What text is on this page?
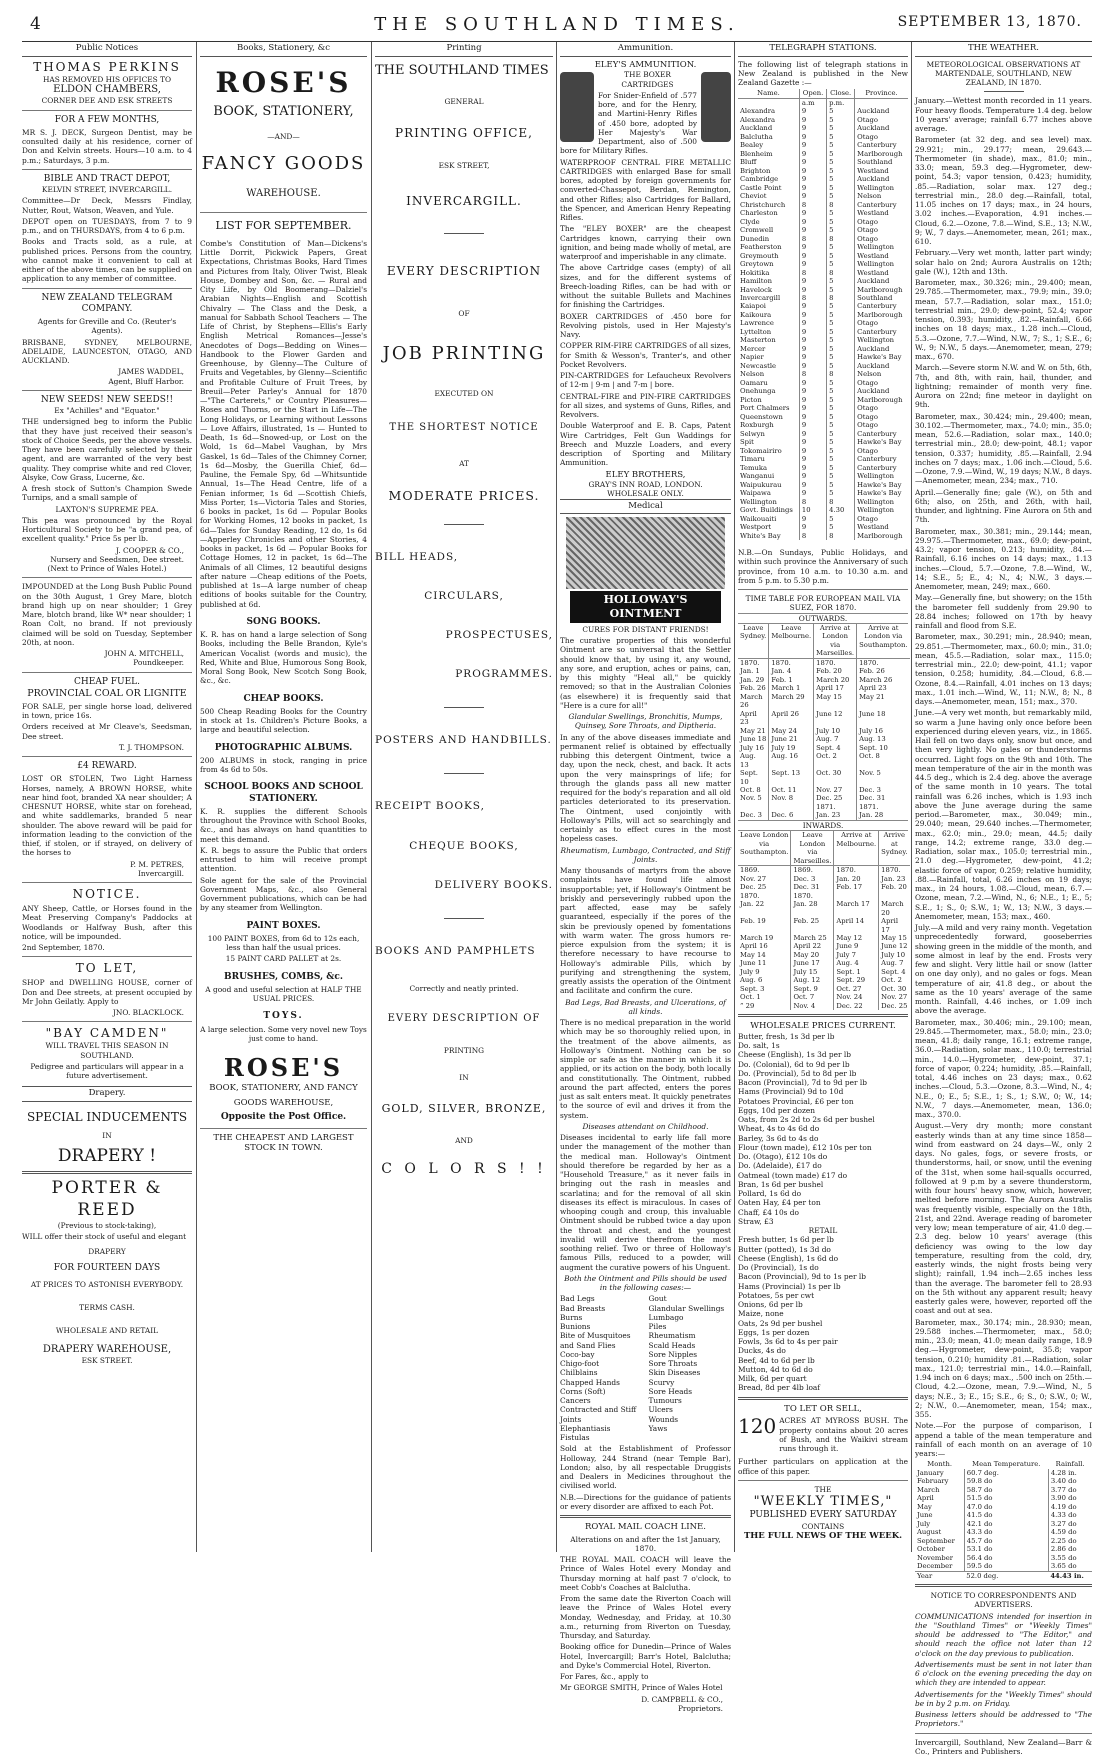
4	THE SOUTHLAND TIMES.	SEPTEMBER 13, 1870.
Public Notices
THOMAS PERKINS
HAS REMOVED HIS OFFICES TO
ELDON CHAMBERS,
CORNER DEE AND ESK STREETS
FOR A FEW MONTHS,

MR S. J. DECK, Surgeon Dentist, may be consulted daily at his residence, corner of Don and Kelvin streets. Hours—10 a.m. to 4 p.m.; Saturdays, 3 p.m.

BIBLE AND TRACT DEPOT,
KELVIN STREET, INVERCARGILL.

Committee—Dr Deck, Messrs Findlay, Nutter, Rout, Watson, Weaven, and Yule.

DEPOT open on TUESDAYS, from 7 to 9 p.m., and on THURSDAYS, from 4 to 6 p.m.

Books and Tracts sold, as a rule, at published prices. Persons from the country, who cannot make it convenient to call at either of the above times, can be supplied on application to any member of committee.

NEW ZEALAND TELEGRAM COMPANY.

Agents for Greville and Co. (Reuter's Agents).

BRISBANE, SYDNEY, MELBOURNE, ADELAIDE, LAUNCESTON, OTAGO, AND AUCKLAND.

JAMES WADDEL,
Agent, Bluff Harbor.
NEW SEEDS! NEW SEEDS!!
Ex "Achilles" and "Equator."

THE undersigned beg to inform the Public that they have just received their season's stock of Choice Seeds, per the above vessels. They have been carefully selected by their agent, and are warranted of the very best quality. They comprise white and red Clover, Alsyke, Cow Grass, Lucerne, &c.

A fresh stock of Sutton's Champion Swede Turnips, and a small sample of

LAXTON'S SUPREME PEA.

This pea was pronounced by the Royal Horticultural Society to be "a grand pea, of excellent quality." Price 5s per lb.

J. COOPER & CO.,
Nursery and Seedsmen, Dee street.
(Next to Prince of Wales Hotel.)

IMPOUNDED at the Long Bush Public Pound on the 30th August, 1 Grey Mare, blotch brand high up on near shoulder; 1 Grey Mare, blotch brand, like W* near shoulder; 1 Roan Colt, no brand. If not previously claimed will be sold on Tuesday, September 20th, at noon.

JOHN A. MITCHELL,
Poundkeeper.
CHEAP FUEL.
PROVINCIAL COAL OR LIGNITE

FOR SALE, per single horse load, delivered in town, price 16s.

Orders received at Mr Cleave's, Seedsman, Dee street.

T. J. THOMPSON.
£4 REWARD.

LOST OR STOLEN, Two Light Harness Horses, namely, A BROWN HORSE, white near hind foot, branded XA near shoulder; A CHESNUT HORSE, white star on forehead, and white saddlemarks, branded 5 near shoulder. The above reward will be paid for information leading to the conviction of the thief, if stolen, or if strayed, on delivery of the horses to

P. M. PETRES,
Invercargill.
NOTICE.

ANY Sheep, Cattle, or Horses found in the Meat Preserving Company's Paddocks at Woodlands or Halfway Bush, after this notice, will be impounded.

2nd September, 1870.

TO LET,

SHOP and DWELLING HOUSE, corner of Don and Dee streets, at present occupied by Mr John Geilatly. Apply to

JNO. BLACKLOCK.
"BAY CAMDEN"
WILL TRAVEL THIS SEASON IN
SOUTHLAND.

Pedigree and particulars will appear in a future advertisement.

Drapery.
SPECIAL INDUCEMENTS
IN
DRAPERY !
PORTER & REED
(Previous to stock-taking),

WILL offer their stock of useful and elegant

DRAPERY
FOR FOURTEEN DAYS
AT PRICES TO ASTONISH EVERYBODY.
TERMS CASH.
WHOLESALE AND RETAIL
DRAPERY WAREHOUSE,
ESK STREET.
Books, Stationery, &c
ROSE'S
BOOK, STATIONERY,
—AND—
FANCY GOODS
WAREHOUSE.
LIST FOR SEPTEMBER.

Combe's Constitution of Man—Dickens's Little Dorrit, Pickwick Papers, Great Expectations, Christmas Books, Hard Times and Pictures from Italy, Oliver Twist, Bleak House, Dombey and Son, &c. — Rural and City Life, by Old Boomerang—Dalziel's Arabian Nights—English and Scottish Chivalry — The Class and the Desk, a manual for Sabbath School Teachers — The Life of Christ, by Stephens—Ellis's Early English Metrical Romances—Jesse's Anecdotes of Dogs—Bedding on Wines—Handbook to the Flower Garden and Greenhouse, by Glenny—The Culture of Fruits and Vegetables, by Glenny—Scientific and Profitable Culture of Fruit Trees, by Breuil—Peter Parley's Annual for 1870—"The Carterets," or Country Pleasures—Roses and Thorns, or the Start in Life—The Long Holidays, or Learning without Lessons — Love Affairs, illustrated, 1s — Hunted to Death, 1s 6d—Snowed-up, or Lost on the Wold, 1s 6d—Mabel Vaughan, by Mrs Gaskel, 1s 6d—Tales of the Chimney Corner, 1s 6d—Mosby, the Guerilla Chief, 6d—Pauline, the Female Spy, 6d —Whitsuntide Annual, 1s—The Head Centre, life of a Fenian informer, 1s 6d —Scottish Chiefs, Miss Porter, 1s—Victoria Tales and Stories, 6 books in packet, 1s 6d — Popular Books for Working Homes, 12 books in packet, 1s 6d—Tales for Sunday Reading, 12 do, 1s 6d—Apperley Chronicles and other Stories, 4 books in packet, 1s 6d — Popular Books for Cottage Homes, 12 in packet, 1s 6d—The Animals of all Climes, 12 beautiful designs after nature —Cheap editions of the Poets, published at 1s—A large number of cheap editions of books suitable for the Country, published at 6d.

SONG BOOKS.

K. R. has on hand a large selection of Song Books, including the Belle Brandon, Kyle's American Vocalist (words and music), the Red, White and Blue, Humorous Song Book, Moral Song Book, New Scotch Song Book, &c., &c.

CHEAP BOOKS.

500 Cheap Reading Books for the Country in stock at 1s. Children's Picture Books, a large and beautiful selection.

PHOTOGRAPHIC ALBUMS.

200 ALBUMS in stock, ranging in price from 4s 6d to 50s.

SCHOOL BOOKS AND SCHOOL STATIONERY.

K. R. supplies the different Schools throughout the Province with School Books, &c., and has always on hand quantities to meet this demand.

K. R. begs to assure the Public that orders entrusted to him will receive prompt attention.

Sole agent for the sale of the Provincial Government Maps, &c., also General Government publications, which can be had by any steamer from Wellington.

PAINT BOXES.

100 PAINT BOXES, from 6d to 12s each, less than half the usual prices.

15 PAINT CARD PALLET at 2s.

BRUSHES, COMBS, &c.

A good and useful selection at HALF THE USUAL PRICES.

TOYS.

A large selection. Some very novel new Toys just come to hand.

ROSE'S
BOOK, STATIONERY, AND FANCY
GOODS WAREHOUSE,
Opposite the Post Office.
THE CHEAPEST AND LARGEST STOCK IN TOWN.
Printing
THE SOUTHLAND TIMES
GENERAL
PRINTING OFFICE,
ESK STREET,
INVERCARGILL.
EVERY DESCRIPTION
OF
JOB PRINTING
EXECUTED ON
THE SHORTEST NOTICE
AT
MODERATE PRICES.
BILL HEADS,
CIRCULARS,
PROSPECTUSES,
PROGRAMMES.
POSTERS AND HANDBILLS.
RECEIPT BOOKS,
CHEQUE BOOKS,
DELIVERY BOOKS.
BOOKS AND PAMPHLETS
Correctly and neatly printed.
EVERY DESCRIPTION OF
PRINTING
IN
GOLD, SILVER, BRONZE,
AND
C O L O R S ! !
Ammunition.
ELEY'S AMMUNITION.
THE BOXER CARTRIDGES

For Snider-Enfield of .577 bore, and for the Henry, and Martini-Henry Rifles of .450 bore, adopted by Her Majesty's War Department, also of .500 bore for Military Rifles.

WATERPROOF CENTRAL FIRE METALLIC CARTRIDGES with enlarged Base for small bores, adopted by foreign governments for converted-Chassepot, Berdan, Remington, and other Rifles; also Cartridges for Ballard, the Spencer, and American Henry Repeating Rifles.

The "ELEY BOXER" are the cheapest Cartridges known, carrying their own ignition, and being made wholly of metal, are waterproof and imperishable in any climate.

The above Cartridge cases (empty) of all sizes, and for the different systems of Breech-loading Rifles, can be had with or without the suitable Bullets and Machines for finishing the Cartridges.

BOXER CARTRIDGES of .450 bore for Revolving pistols, used in Her Majesty's Navy.

COPPER RIM-FIRE CARTRIDGES of all sizes, for Smith & Wesson's, Tranter's, and other Pocket Revolvers.

PIN-CARTRIDGES for Lefaucheux Revolvers of 12-m | 9-m | and 7-m | bore.

CENTRAL-FIRE and PIN-FIRE CARTRIDGES for all sizes, and systems of Guns, Rifles, and Revolvers.

Double Waterproof and E. B. Caps, Patent Wire Cartridges, Felt Gun Waddings for Breech and Muzzle Loaders, and every description of Sporting and Military Ammunition.

ELEY BROTHERS,
GRAY'S INN ROAD, LONDON.
WHOLESALE ONLY.
Medical
HOLLOWAY'S OINTMENT
CURES FOR DISTANT FRIENDS!

The curative properties of this wonderful Ointment are so universal that the Settler should know that, by using it, any wound, any sore, and eruption, aches or pains, can, by this mighty "Heal all," be quickly removed; so that in the Australian Colonies (as elsewhere) it is frequently said that "Here is a cure for all!"

Glandular Swellings, Bronchitis, Mumps, Quinsey, Sore Throats, and Diptheria.

In any of the above diseases immediate and permanent relief is obtained by effectually rubbing this detergent Ointment, twice a day, upon the neck, chest, and back. It acts upon the very mainsprings of life; for through the glands pass all new matter required for the body's reparation and all old particles deteriorated to its preservation. The Ointment, used conjointly with Holloway's Pills, will act so searchingly and certainly as to effect cures in the most hopeless cases.

Rheumatism, Lumbago, Contracted, and Stiff Joints.

Many thousands of martyrs from the above complaints have found life almost insupportable; yet, if Holloway's Ointment be briskly and perseveringly rubbed upon the part affected, ease may be safely guaranteed, especially if the pores of the skin be previously opened by fomentations with warm water. The gross humors re-pierce expulsion from the system; it is therefore necessary to have recourse to Holloway's admirable Pills, which by purifying and strengthening the system, greatly assists the operation of the Ointment and facilitate and confirm the cure.

Bad Legs, Bad Breasts, and Ulcerations, of all kinds.

There is no medical preparation in the world which may be so thoroughly relied upon, in the treatment of the above ailments, as Holloway's Ointment. Nothing can be so simple or safe as the manner in which it is applied, or its action on the body, both locally and constitutionally. The Ointment, rubbed around the part affected, enters the pores just as salt enters meat. It quickly penetrates to the source of evil and drives it from the system.

Diseases attendant on Childhood.

Diseases incidental to early life fall more under the management of the mother than the medical man. Holloway's Ointment should therefore be regarded by her as a "Household Treasure," as it never fails in bringing out the rash in measles and scarlatina; and for the removal of all skin diseases its effect is miraculous. In cases of whooping cough and croup, this invaluable Ointment should be rubbed twice a day upon the throat and chest, and the youngest invalid will derive therefrom the most soothing relief. Two or three of Holloway's famous Pills, reduced to a powder, will augment the curative powers of his Unguent.

Both the Ointment and Pills should be used in the following cases:—

Bad Legs
Bad Breasts
Burns
Bunions
Bite of Musquitoes and Sand Flies
Coco-bay
Chigo-foot
Chilblains
Chapped Hands
Corns (Soft)
Cancers
Contracted and Stiff Joints
Elephantiasis
Fistulas
Gout
Glandular Swellings
Lumbago
Piles
Rheumatism
Scald Heads
Sore Nipples
Sore Throats
Skin Diseases
Scurvy
Sore Heads
Tumours
Ulcers
Wounds
Yaws

Sold at the Establishment of Professor Holloway, 244 Strand (near Temple Bar), London; also, by all respectable Druggists and Dealers in Medicines throughout the civilised world.

N.B.—Directions for the guidance of patients or every disorder are affixed to each Pot.

ROYAL MAIL COACH LINE.

Alterations on and after the 1st January, 1870.

THE ROYAL MAIL COACH will leave the Prince of Wales Hotel every Monday and Thursday morning at half past 7 o'clock, to meet Cobb's Coaches at Balclutha.

From the same date the Riverton Coach will leave the Prince of Wales Hotel every Monday, Wednesday, and Friday, at 10.30 a.m., returning from Riverton on Tuesday, Thursday, and Saturday.

Booking office for Dunedin—Prince of Wales Hotel, Invercargill; Barr's Hotel, Balclutha; and Dyke's Commercial Hotel, Riverton.

For Fares, &c., apply to

Mr GEORGE SMITH, Prince of Wales Hotel

D. CAMPBELL & CO.,
Proprietors.
TELEGRAPH STATIONS.

The following list of telegraph stations in New Zealand is published in the New Zealand Gazette :—

Name.	Open.	Close.	Province.
	a.m	p.m.	
Alexandra	9	5	Auckland
Alexandra	9	5	Otago
Auckland	9	5	Auckland
Balclutha	9	5	Otago
Bealey	9	5	Canterbury
Blenheim	9	5	Marlborough
Bluff	9	5	Southland
Brighton	9	5	Westland
Cambridge	9	5	Auckland
Castle Point	9	5	Wellington
Cheviot	9	5	Nelson
Christchurch	8	8	Canterbury
Charleston	9	5	Westland
Clyde	9	5	Otago
Cromwell	9	5	Otago
Dunedin	8	8	Otago
Featherston	9	5	Wellington
Greymouth	9	5	Westland
Greytown	9	5	Wellington
Hokitika	8	8	Westland
Hamilton	9	5	Auckland
Havelock	9	5	Marlborough
Invercargill	8	8	Southland
Kaiapoi	9	5	Canterbury
Kaikoura	9	5	Marlborough
Lawrence	9	5	Otago
Lyttelton	9	5	Canterbury
Masterton	9	5	Wellington
Mercer	9	5	Auckland
Napier	9	5	Hawke's Bay
Newcastle	9	5	Auckland
Nelson	8	8	Nelson
Oamaru	9	5	Otago
Onehunga	9	5	Auckland
Picton	9	5	Marlborough
Port Chalmers	9	5	Otago
Queenstown	9	5	Otago
Roxburgh	9	5	Otago
Selwyn	9	5	Canterbury
Spit	9	5	Hawke's Bay
Tokomairiro	9	5	Otago
Timaru	9	5	Canterbury
Temuka	9	5	Canterbury
Wanganui	9	5	Wellington
Waipukurau	9	5	Hawke's Bay
Waipawa	9	5	Hawke's Bay
Wellington	8	8	Wellington
Govt. Buildings	10	4.30	Wellington
Waikouaiti	9	5	Otago
Westport	9	5	Westland
White's Bay	8	8	Marlborough

N.B.—On Sundays, Public Holidays, and within such province the Anniversary of such province, from 10 a.m. to 10.30 a.m. and from 5 p.m. to 5.30 p.m.

TIME TABLE FOR EUROPEAN MAIL VIA SUEZ, FOR 1870.
OUTWARDS.
Leave Sydney.	Leave Melbourne.	Arrive at London via Marseilles.	Arrive at London via Southampton.
1870.	1870.	1870.	1870.
Jan. 1	Jan. 4	Feb. 20	Feb. 26
Jan. 29	Feb. 1	March 20	March 26
Feb. 26	March 1	April 17	April 23
March 26	March 29	May 15	May 21
April 23	April 26	June 12	June 18
May 21	May 24	July 10	July 16
June 18	June 21	Aug. 7	Aug. 13
July 16	July 19	Sept. 4	Sept. 10
Aug. 13	Aug. 16	Oct. 2	Oct. 8
Sept. 10	Sept. 13	Oct. 30	Nov. 5
Oct. 8	Oct. 11	Nov. 27	Dec. 3
Nov. 5	Nov. 8	Dec. 25	Dec. 31
		1871.	1871.
Dec. 3	Dec. 6	Jan. 23	Jan. 28
INWARDS.
Leave London via Southampton.	Leave London via Marseilles.	Arrive at Melbourne.	Arrive at Sydney.
1869.	1869.	1870.	1870.
Nov. 27	Dec. 3	Jan. 20	Jan. 23
Dec. 25	Dec. 31	Feb. 17	Feb. 20
1870.	1870.		
Jan. 22	Jan. 28	March 17	March 20
Feb. 19	Feb. 25	April 14	April 17
March 19	March 25	May 12	May 15
April 16	April 22	June 9	June 12
May 14	May 20	July 7	July 10
June 11	June 17	Aug. 4	Aug. 7
July 9	July 15	Sept. 1	Sept. 4
Aug. 6	Aug. 12	Sept. 29	Oct. 2
Sept. 3	Sept. 9	Oct. 27	Oct. 30
Oct. 1	Oct. 7	Nov. 24	Nov. 27
” 29	Nov. 4	Dec. 22	Dec. 25
WHOLESALE PRICES CURRENT.
Butter, fresh, 1s 3d per lb
Do. salt, 1s
Cheese (English), 1s 3d per lb
Do. (Colonial), 6d to 9d per lb
Do. (Provincial), 5d to 8d per lb
Bacon (Provincial), 7d to 9d per lb
Hams (Provincial) 9d to 10d
Potatoes Provincial, £6 per ton
Eggs, 10d per dozen
Oats, from 2s 2d to 2s 6d per bushel
Wheat, 4s to 4s 6d do
Barley, 3s 6d to 4s do
Flour (town made), £12 10s per ton
Do. (Otago), £12 10s do
Do. (Adelaide), £17 do
Oatmeal (town made) £17 do
Bran, 1s 6d per bushel
Pollard, 1s 6d do
Oaten Hay, £4 per ton
Chaff, £4 10s do
Straw, £3
RETAIL
Fresh butter, 1s 6d per lb
Butter (potted), 1s 3d do
Cheese (English), 1s 6d do
Do (Provincial), 1s do
Bacon (Provincial), 9d to 1s per lb
Hams (Provincial) 1s per lb
Potatoes, 5s per cwt
Onions, 6d per lb
Maize, none
Oats, 2s 9d per bushel
Eggs, 1s per dozen
Fowls, 3s 6d to 4s per pair
Ducks, 4s do
Beef, 4d to 6d per lb
Mutton, 4d to 6d do
Milk, 6d per quart
Bread, 8d per 4lb loaf
TO LET OR SELL,
120 ACRES AT MYROSS BUSH. The property contains about 20 acres of Bush, and the Waikivi stream runs through it.

Further particulars on application at the office of this paper.

THE
"WEEKLY TIMES,"
PUBLISHED EVERY SATURDAY
CONTAINS
THE FULL NEWS OF THE WEEK.
THE WEATHER.
METEOROLOGICAL OBSERVATIONS AT MARTENDALE, SOUTHLAND, NEW ZEALAND, IN 1870.

January.—Wettest month recorded in 11 years. Four heavy floods. Temperature 1.4 deg. below 10 years' average; rainfall 6.77 inches above average.

Barometer (at 32 deg. and sea level) max. 29.921; min., 29.177; mean, 29.643.—Thermometer (in shade), max., 81.0; min., 33.0; mean, 59.3 deg.—Hygrometer, dew-point, 54.3; vapor tension, 0.423; humidity, .85.—Radiation, solar max. 127 deg.; terrestrial min., 28.0 deg.—Rainfall, total, 11.05 inches on 17 days; max., in 24 hours, 3.02 inches.—Evaporation, 4.91 inches.—Cloud, 6.2.—Ozone, 7.8.—Wind, S.E., 13; N.W., 9; W., 7 days.—Anemometer, mean, 261; max., 610.

February.—Very wet month, latter part windy; solar halo on 2nd; Aurora Australis on 12th; gale (W.), 12th and 13th.

Barometer, max., 30.326; min., 29.400; mean, 29.785.—Thermometer, max., 79.9; min., 39.0; mean, 57.7.—Radiation, solar max., 151.0; terrestrial min., 29.0; dew-point, 52.4; vapor tension, 0.393; humidity, .82.—Rainfall, 6.66 inches on 18 days; max., 1.28 inch.—Cloud, 5.3.—Ozone, 7.7.—Wind, N.W., 7; S., 1; S.E., 6; W., 9; N.W., 5 days.—Anemometer, mean, 279; max., 670.

March.—Severe storm N.W. and W. on 5th, 6th, 7th, and 8th, with rain, hail, thunder, and lightning; remainder of month very fine. Aurora on 22nd; fine meteor in daylight on 9th.

Barometer, max., 30.424; min., 29.400; mean, 30.102.—Thermometer, max., 74.0; min., 35.0; mean, 52.6.—Radiation, solar max., 140.0; terrestrial min., 28.0; dew-point, 48.1; vapor tension, 0.337; humidity, .85.—Rainfall, 2.94 inches on 7 days; max., 1.06 inch.—Cloud, 5.6.—Ozone, 7.9.—Wind, W., 19 days; N.W., 8 days.—Anemometer, mean, 234; max., 710.

April.—Generally fine; gale (W.), on 5th and 6th; also, on 25th, and 26th, with hail, thunder, and lightning. Fine Aurora on 5th and 7th.

Barometer, max., 30.381; min., 29.144; mean, 29.975.—Thermometer, max., 69.0; dew-point, 43.2; vapor tension, 0.213; humidity, .84.—Rainfall, 6.16 inches on 14 days; max., 1.13 inches.—Cloud, 5.7.—Ozone, 7.8.—Wind, W., 14; S.E., 5; E., 4; N., 4; N.W., 3 days.—Anemometer, mean, 249; max., 660.

May.—Generally fine, but showery; on the 15th the barometer fell suddenly from 29.90 to 28.84 inches; followed on 17th by heavy rainfall and flood from S.E.

Barometer, max., 30.291; min., 28.940; mean, 29.851.—Thermometer, max., 60.0; min., 31.0; mean, 45.5.—Radiation, solar max., 115.0; terrestrial min., 22.0; dew-point, 41.1; vapor tension, 0.258; humidity, .84.—Cloud, 6.8.—Ozone, 8.4.—Rainfall, 4.01 inches on 13 days; max., 1.01 inch.—Wind, W., 11; N.W., 8; N., 8 days.—Anemometer, mean, 151; max., 370.

June.—A very wet month, but remarkably mild, so warm a June having only once before been experienced during eleven years, viz., in 1865. Hail fell on two days only, snow but once, and then very lightly. No gales or thunderstorms occurred. Light fogs on the 9th and 10th. The mean temperature of the air in the month was 44.5 deg., which is 2.4 deg. above the average of the same month in 10 years. The total rainfall was 6.26 inches, which is 1.93 inch above the June average during the same period.—Barometer, max., 30.049; min., 29.040; mean, 29.640 inches.—Thermometer, max., 62.0; min., 29.0; mean, 44.5; daily range, 14.2; extreme range, 33.0 deg.—Radiation, solar max., 105.0; terrestrial min., 21.0 deg.—Hygrometer, dew-point, 41.2; elastic force of vapor, 0.259; relative humidity, .88.—Rainfall, total, 6.26 inches on 19 days; max., in 24 hours, 1.08.—Cloud, mean, 6.7.—Ozone, mean, 7.2.—Wind, N., 6; N.E., 1; E., 5; S.E., 1; S., 0; S.W., 1; W., 13; N.W., 3 days.—Anemometer, mean, 153; max., 460.

July.—A mild and very rainy month. Vegetation unprecedentedly forward, gooseberries showing green in the middle of the month, and some almost in leaf by the end. Frosts very few and slight. Very little hail or snow (latter on one day only), and no gales or fogs. Mean temperature of air, 41.8 deg., or about the same as the 10 years' average of the same month. Rainfall, 4.46 inches, or 1.09 inch above the average.

Barometer, max., 30.406; min., 29.100; mean, 29.845.—Thermometer, max., 58.0; min., 23.0; mean, 41.8; daily range, 16.1; extreme range, 36.0.—Radiation, solar max., 110.0; terrestrial min., 14.0.—Hygrometer, dew-point, 37.1; force of vapor, 0.224; humidity, .85.—Rainfall, total, 4.46 inches on 23 days; max., 0.62 inches.—Cloud, 5.3.—Ozone, 8.3.—Wind, N., 4; N.E., 0; E., 5; S.E., 1; S., 1; S.W., 0; W., 14; N.W., 7 days.—Anemometer, mean, 136.0; max., 370.0.

August.—Very dry month; more constant easterly winds than at any time since 1858—wind from eastward on 24 days—W., only 2 days. No gales, fogs, or severe frosts, or thunderstorms, hail, or snow, until the evening of the 31st, when some hail-squalls occurred, followed at 9 p.m by a severe thunderstorm, with four hours' heavy snow, which, however, melted before morning. The Aurora Australis was frequently visible, especially on the 18th, 21st, and 22nd. Average reading of barometer very low; mean temperature of air, 41.0 deg.—2.3 deg. below 10 years' average (this deficiency was owing to the low day temperature, resulting from the cold, dry, easterly winds, the night frosts being very slight); rainfall, 1.94 inch—2.65 inches less than the average. The barometer fell to 28.93 on the 5th without any apparent result; heavy easterly gales were, however, reported off the coast and out at sea.

Barometer, max., 30.174; min., 28.930; mean, 29.588 inches.—Thermometer, max., 58.0; min., 23.0; mean, 41.0; mean daily range, 18.9 deg.—Hygrometer, dew-point, 35.8; vapor tension, 0.210; humidity .81.—Radiation, solar max., 121.0; terrestrial min., 14.0.—Rainfall, 1.94 inch on 6 days; max., .500 inch on 25th.—Cloud, 4.2.—Ozone, mean, 7.9.—Wind, N., 5 days; N.E., 3; E., 15; S.E., 6; S., 0; S.W., 0; W., 2; N.W., 0.—Anemometer, mean, 154; max., 355.

Note.—For the purpose of comparison, I append a table of the mean temperature and rainfall of each month on an average of 10 years:—

Month.	Mean Temperature.	Rainfall.
January	60.7 deg.	4.28 in.
February	59.8 do	3.40 do
March	58.7 do	3.77 do
April	51.5 do	3.90 do
May	47.0 do	4.19 do
June	41.5 do	4.33 do
July	42.1 do	3.27 do
August	43.3 do	4.59 do
September	45.7 do	2.25 do
October	53.1 do	2.86 do
November	56.4 do	3.55 do
December	59.5 do	3.65 do
Year	52.0 deg.	44.43 in.
NOTICE TO CORRESPONDENTS AND ADVERTISERS.

COMMUNICATIONS intended for insertion in the "Southland Times" or "Weekly Times" should be addressed to "The Editor," and should reach the office not later than 12 o'clock on the day previous to publication.

Advertisements must be sent in not later than 6 o'clock on the evening preceding the day on which they are intended to appear.

Advertisements for the "Weekly Times" should be in by 2 p.m. on Friday.

Business letters should be addressed to "The Proprietors."

Invercargill, Southland, New Zealand—Barr & Co., Printers and Publishers.
